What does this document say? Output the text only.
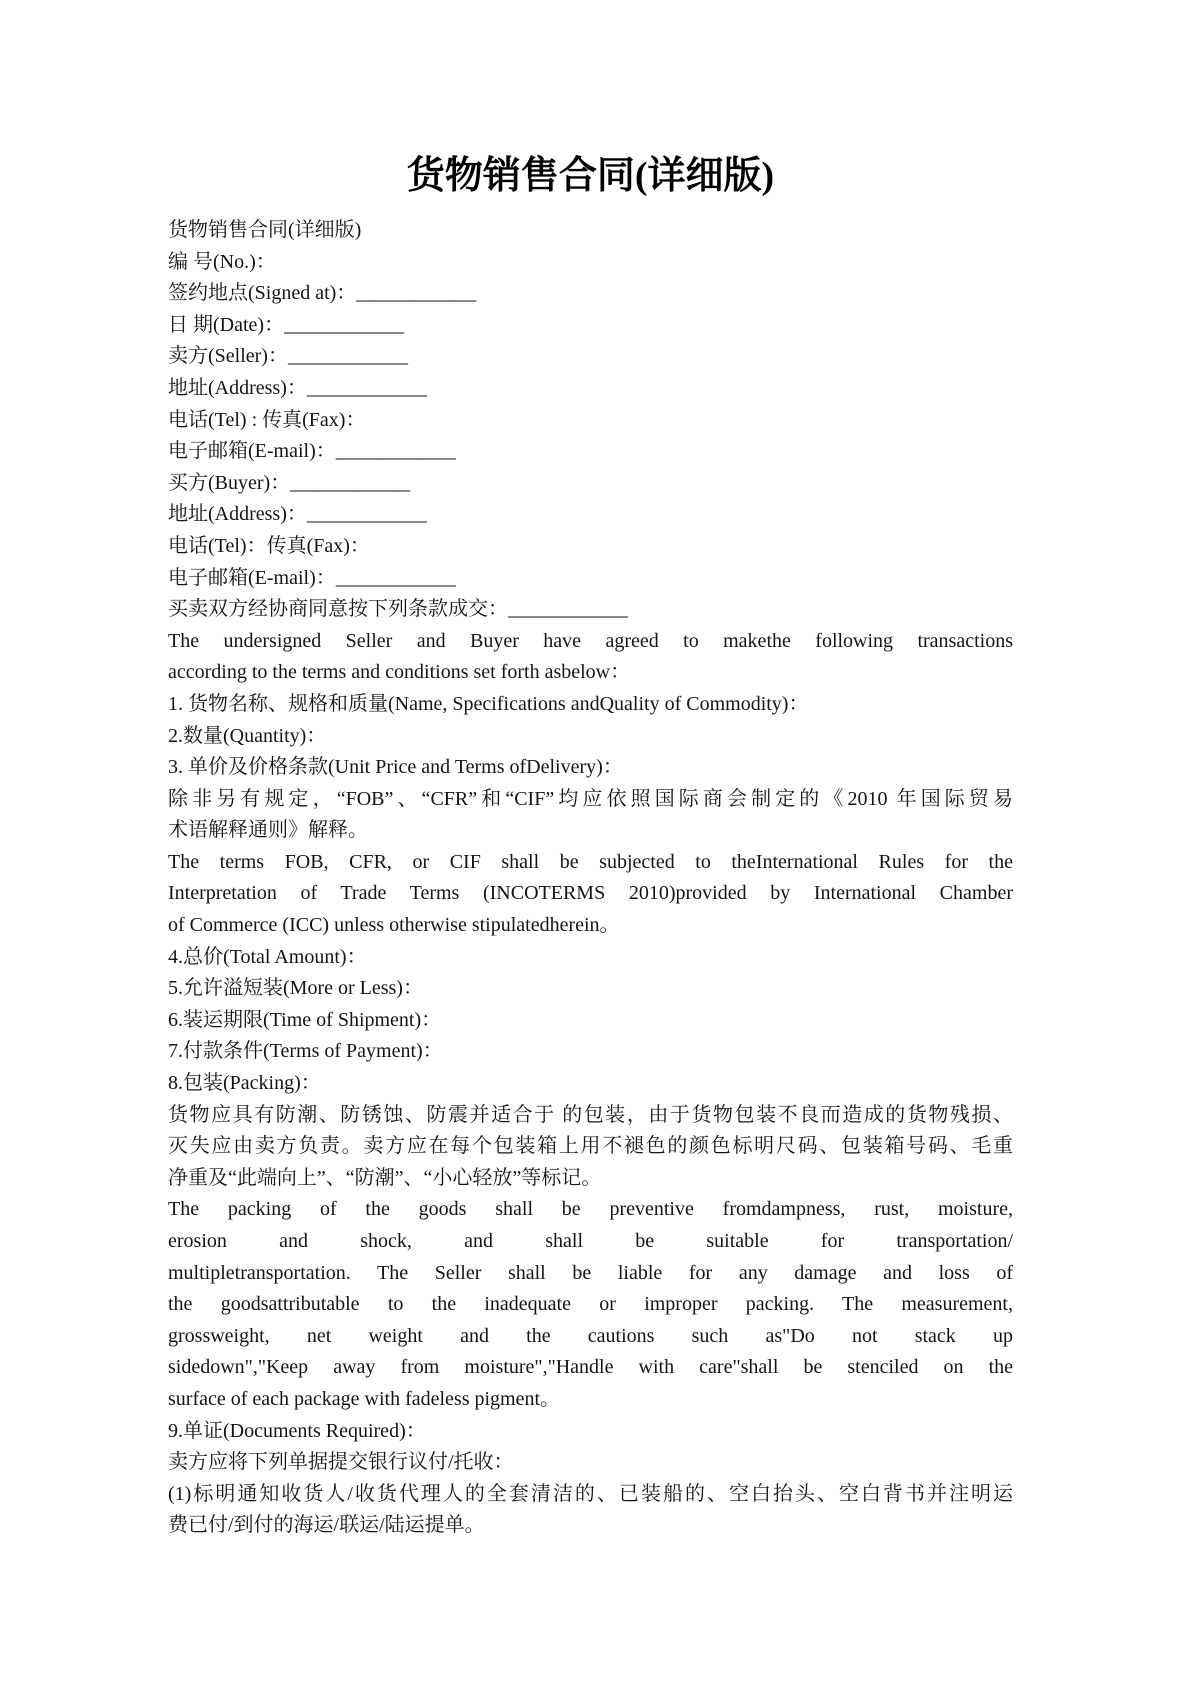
货物销售合同(详细版)
货物销售合同(详细版)
编 号(No.)：
签约地点(Signed at)：____________
日 期(Date)：____________
卖方(Seller)：____________
地址(Address)：____________
电话(Tel) : 传真(Fax)：
电子邮箱(E-mail)：____________
买方(Buyer)：____________
地址(Address)：____________
电话(Tel)：传真(Fax)：
电子邮箱(E-mail)：____________
买卖双方经协商同意按下列条款成交：____________
The undersigned Seller and Buyer have agreed to makethe following transactions
according to the terms and conditions set forth asbelow：
1. 货物名称、规格和质量(Name, Specifications andQuality of Commodity)：
2.数量(Quantity)：
3. 单价及价格条款(Unit Price and Terms ofDelivery)：
除非另有规定，“FOB”、“CFR”和“CIF”均应依照国际商会制定的《2010 年国际贸易
术语解释通则》解释。
The terms FOB, CFR, or CIF shall be subjected to theInternational Rules for the
Interpretation of Trade Terms (INCOTERMS 2010)provided by International Chamber
of Commerce (ICC) unless otherwise stipulatedherein。
4.总价(Total Amount)：
5.允许溢短装(More or Less)：
6.装运期限(Time of Shipment)：
7.付款条件(Terms of Payment)：
8.包装(Packing)：
货物应具有防潮、防锈蚀、防震并适合于 的包装，由于货物包装不良而造成的货物残损、
灭失应由卖方负责。卖方应在每个包装箱上用不褪色的颜色标明尺码、包装箱号码、毛重
净重及“此端向上”、“防潮”、“小心轻放”等标记。
The packing of the goods shall be preventive fromdampness, rust, moisture,
erosion and shock, and shall be suitable for transportation/
multipletransportation. The Seller shall be liable for any damage and loss of
the goodsattributable to the inadequate or improper packing. The measurement,
grossweight, net weight and the cautions such as"Do not stack up
sidedown","Keep away from moisture","Handle with care"shall be stenciled on the
surface of each package with fadeless pigment。
9.单证(Documents Required)：
卖方应将下列单据提交银行议付/托收：
(1)标明通知收货人/收货代理人的全套清洁的、已装船的、空白抬头、空白背书并注明运
费已付/到付的海运/联运/陆运提单。
